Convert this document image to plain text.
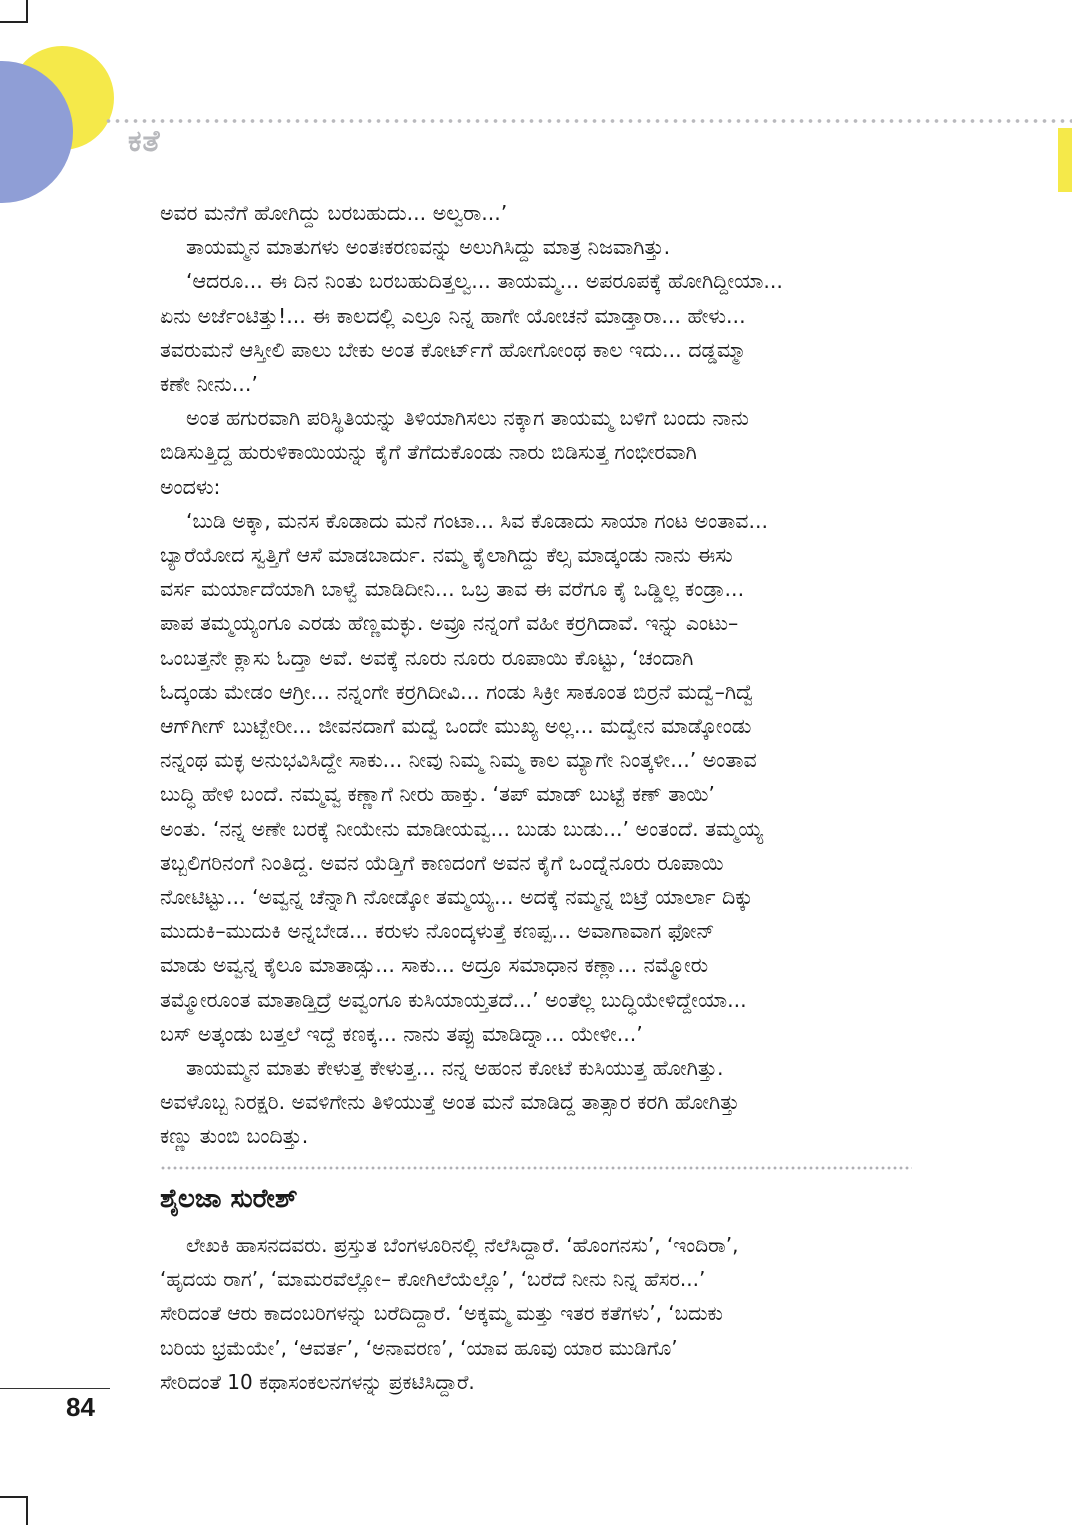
ಕತೆ

ಅವರ ಮನೆಗೆ ಹೋಗಿದ್ದು ಬರಬಹುದು... ಅಲ್ವರಾ...’

ತಾಯಮ್ಮನ ಮಾತುಗಳು ಅಂತಃಕರಣವನ್ನು ಅಲುಗಿಸಿದ್ದು ಮಾತ್ರ ನಿಜವಾಗಿತ್ತು.

‘ಆದರೂ... ಈ ದಿನ ನಿಂತು ಬರಬಹುದಿತ್ತಲ್ವ... ತಾಯಮ್ಮ... ಅಪರೂಪಕ್ಕೆ ಹೋಗಿದ್ದೀಯಾ...
ಏನು ಅರ್ಜೆಂಟಿತ್ತು!... ಈ ಕಾಲದಲ್ಲಿ ಎಲ್ರೂ ನಿನ್ನ ಹಾಗೇ ಯೋಚನೆ ಮಾಡ್ತಾರಾ... ಹೇಳು...
ತವರುಮನೆ ಆಸ್ತೀಲಿ ಪಾಲು ಬೇಕು ಅಂತ ಕೋರ್ಟ್‌ಗೆ ಹೋಗೋಂಥ ಕಾಲ ಇದು... ದಡ್ಡಮ್ಮಾ
ಕಣೇ ನೀನು...’

ಅಂತ ಹಗುರವಾಗಿ ಪರಿಸ್ಥಿತಿಯನ್ನು ತಿಳಿಯಾಗಿಸಲು ನಕ್ಕಾಗ ತಾಯಮ್ಮ ಬಳಿಗೆ ಬಂದು ನಾನು
ಬಿಡಿಸುತ್ತಿದ್ದ ಹುರುಳಿಕಾಯಿಯನ್ನು ಕೈಗೆ ತೆಗೆದುಕೊಂಡು ನಾರು ಬಿಡಿಸುತ್ತ ಗಂಭೀರವಾಗಿ
ಅಂದಳು:

‘ಬುಡಿ ಅಕ್ಕಾ, ಮನಸ ಕೊಡಾದು ಮನೆ ಗಂಟಾ... ಸಿವ ಕೊಡಾದು ಸಾಯಾ ಗಂಟ ಅಂತಾವ...
ಬ್ಯಾರೆಯೋದ ಸ್ವತ್ತಿಗೆ ಆಸೆ ಮಾಡಬಾರ್ದು. ನಮ್ಮ ಕೈಲಾಗಿದ್ದು ಕೆಲ್ಸ ಮಾಡ್ಕಂಡು ನಾನು ಈಸು
ವರ್ಸ ಮರ್ಯಾದೆಯಾಗಿ ಬಾಳ್ವೆ ಮಾಡಿದೀನಿ... ಒಬ್ರ ತಾವ ಈ ವರೆಗೂ ಕೈ ಒಡ್ಡಿಲ್ಲ ಕಂಡ್ರಾ...
ಪಾಪ ತಮ್ಮಯ್ಯಂಗೂ ಎರಡು ಹೆಣ್ಣಮಕ್ಳು. ಅವ್ರೂ ನನ್ನಂಗೆ ವಹೀ ಕರ್ರಗಿದಾವೆ. ಇನ್ನು ಎಂಟು–
ಒಂಬತ್ತನೇ ಕ್ಲಾಸು ಓದ್ತಾ ಅವೆ. ಅವಕ್ಕೆ ನೂರು ನೂರು ರೂಪಾಯಿ ಕೊಟ್ಟು, ‘ಚಂದಾಗಿ
ಓದ್ಕಂಡು ಮೇಡಂ ಆಗ್ರೀ... ನನ್ನಂಗೇ ಕರ್ರಗಿದೀವಿ... ಗಂಡು ಸಿಕ್ರೀ ಸಾಕೂಂತ ಬಿರ್ರನೆ ಮದ್ವೆ–ಗಿದ್ವೆ
ಆಗ್‌ಗೀಗ್ ಬುಟ್ಬೇರೀ... ಜೀವನದಾಗೆ ಮದ್ವೆ ಒಂದೇ ಮುಖ್ಯ ಅಲ್ಲ... ಮದ್ವೇನ ಮಾಡ್ಕೋಂಡು
ನನ್ನಂಥ ಮಕ್ಳ ಅನುಭವಿಸಿದ್ದೇ ಸಾಕು... ನೀವು ನಿಮ್ಮ ನಿಮ್ಮ ಕಾಲ ಮ್ಯಾಗೇ ನಿಂತ್ಕಳೀ...’ ಅಂತಾವ
ಬುದ್ಧಿ ಹೇಳಿ ಬಂದೆ. ನಮ್ಮವ್ವ ಕಣ್ಣಾಗೆ ನೀರು ಹಾಕ್ತು. ‘ತಪ್ ಮಾಡ್ ಬುಟ್ಟೆ ಕಣ್ ತಾಯಿ’
ಅಂತು. ‘ನನ್ನ ಅಣೇ ಬರಕ್ಕೆ ನೀಯೇನು ಮಾಡೀಯವ್ವ... ಬುಡು ಬುಡು...’ ಅಂತಂದೆ. ತಮ್ಮಯ್ಯ
ತಬ್ಬಲಿಗರಿನಂಗೆ ನಿಂತಿದ್ದ. ಅವನ ಯೆಡ್ತಿಗೆ ಕಾಣದಂಗೆ ಅವನ ಕೈಗೆ ಒಂದ್ನೆನೂರು ರೂಪಾಯಿ
ನೋಟಿಟ್ಟು... ‘ಅವ್ವನ್ನ ಚೆನ್ನಾಗಿ ನೋಡ್ಕೋ ತಮ್ಮಯ್ಯ... ಅದಕ್ಕೆ ನಮ್ಮನ್ನ ಬಿಟ್ರೆ ಯಾರ್ಲಾ ದಿಕ್ಕು
ಮುದುಕಿ–ಮುದುಕಿ ಅನ್ನಬೇಡ... ಕರುಳು ನೊಂದ್ಕಳುತ್ತೆ ಕಣಪ್ಪ... ಅವಾಗಾವಾಗ ಫೋನ್
ಮಾಡು ಅವ್ವನ್ನ ಕೈಲೂ ಮಾತಾಡ್ಸು... ಸಾಕು... ಅದ್ರೂ ಸಮಾಧಾನ ಕಣ್ಲಾ... ನಮ್ಮೋರು
ತಮ್ಮೋರೂಂತ ಮಾತಾಡ್ತಿದ್ರೆ ಅವ್ವಂಗೂ ಕುಸಿಯಾಯ್ತತದೆ...’ ಅಂತೆಲ್ಲ ಬುದ್ಧಿಯೇಳಿದ್ದೇಯಾ...
ಬಸ್ ಅತ್ಕಂಡು ಬತ್ತಲೆ ಇದ್ದೆ ಕಣಕ್ಕ... ನಾನು ತಪ್ಪು ಮಾಡಿದ್ನಾ... ಯೇಳೀ...’

ತಾಯಮ್ಮನ ಮಾತು ಕೇಳುತ್ತ ಕೇಳುತ್ತ... ನನ್ನ ಅಹಂನ ಕೋಟೆ ಕುಸಿಯುತ್ತ ಹೋಗಿತ್ತು.
ಅವಳೊಬ್ಬ ನಿರಕ್ಷರಿ. ಅವಳಿಗೇನು ತಿಳಿಯುತ್ತೆ ಅಂತ ಮನೆ ಮಾಡಿದ್ದ ತಾತ್ಸಾರ ಕರಗಿ ಹೋಗಿತ್ತು
ಕಣ್ಣು ತುಂಬಿ ಬಂದಿತ್ತು.

ಶೈಲಜಾ ಸುರೇಶ್

ಲೇಖಕಿ ಹಾಸನದವರು. ಪ್ರಸ್ತುತ ಬೆಂಗಳೂರಿನಲ್ಲಿ ನೆಲೆಸಿದ್ದಾರೆ. ‘ಹೊಂಗನಸು’, ‘ಇಂದಿರಾ’,
‘ಹೃದಯ ರಾಗ’, ‘ಮಾಮರವೆಲ್ಲೋ– ಕೋಗಿಲೆಯೆಲ್ಲೊ’, ‘ಬರೆದೆ ನೀನು ನಿನ್ನ ಹೆಸರ...’
ಸೇರಿದಂತೆ ಆರು ಕಾದಂಬರಿಗಳನ್ನು ಬರೆದಿದ್ದಾರೆ. ‘ಅಕ್ಕಮ್ಮ ಮತ್ತು ಇತರ ಕತೆಗಳು’, ‘ಬದುಕು
ಬರಿಯ ಭ್ರಮೆಯೇ’, ‘ಆವರ್ತ’, ‘ಅನಾವರಣ’, ‘ಯಾವ ಹೂವು ಯಾರ ಮುಡಿಗೊ’
ಸೇರಿದಂತೆ 10 ಕಥಾಸಂಕಲನಗಳನ್ನು ಪ್ರಕಟಿಸಿದ್ದಾರೆ.

84
